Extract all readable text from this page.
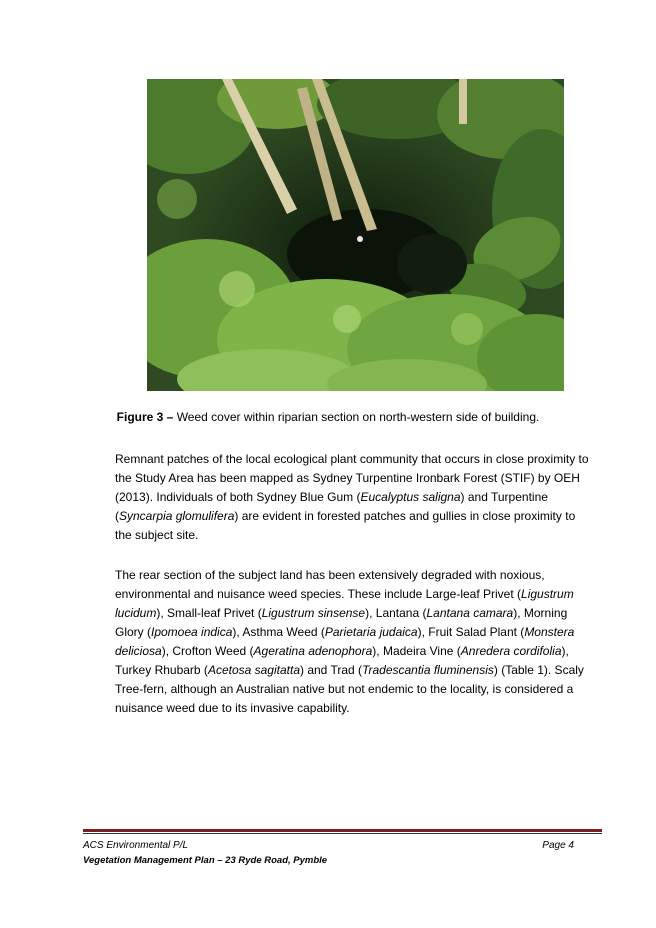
Figure 3 – Weed cover within riparian section on north-western side of building.

Remnant patches of the local ecological plant community that occurs in close proximity to the Study Area has been mapped as Sydney Turpentine Ironbark Forest (STIF) by OEH (2013). Individuals of both Sydney Blue Gum (Eucalyptus saligna) and Turpentine (Syncarpia glomulifera) are evident in forested patches and gullies in close proximity to the subject site.

The rear section of the subject land has been extensively degraded with noxious, environmental and nuisance weed species. These include Large-leaf Privet (Ligustrum lucidum), Small-leaf Privet (Ligustrum sinsense), Lantana (Lantana camara), Morning Glory (Ipomoea indica), Asthma Weed (Parietaria judaica), Fruit Salad Plant (Monstera deliciosa), Crofton Weed (Ageratina adenophora), Madeira Vine (Anredera cordifolia), Turkey Rhubarb (Acetosa sagitatta) and Trad (Tradescantia fluminensis) (Table 1). Scaly Tree-fern, although an Australian native but not endemic to the locality, is considered a nuisance weed due to its invasive capability.

ACS Environmental P/L
Vegetation Management Plan – 23 Ryde Road, Pymble
Page 4
